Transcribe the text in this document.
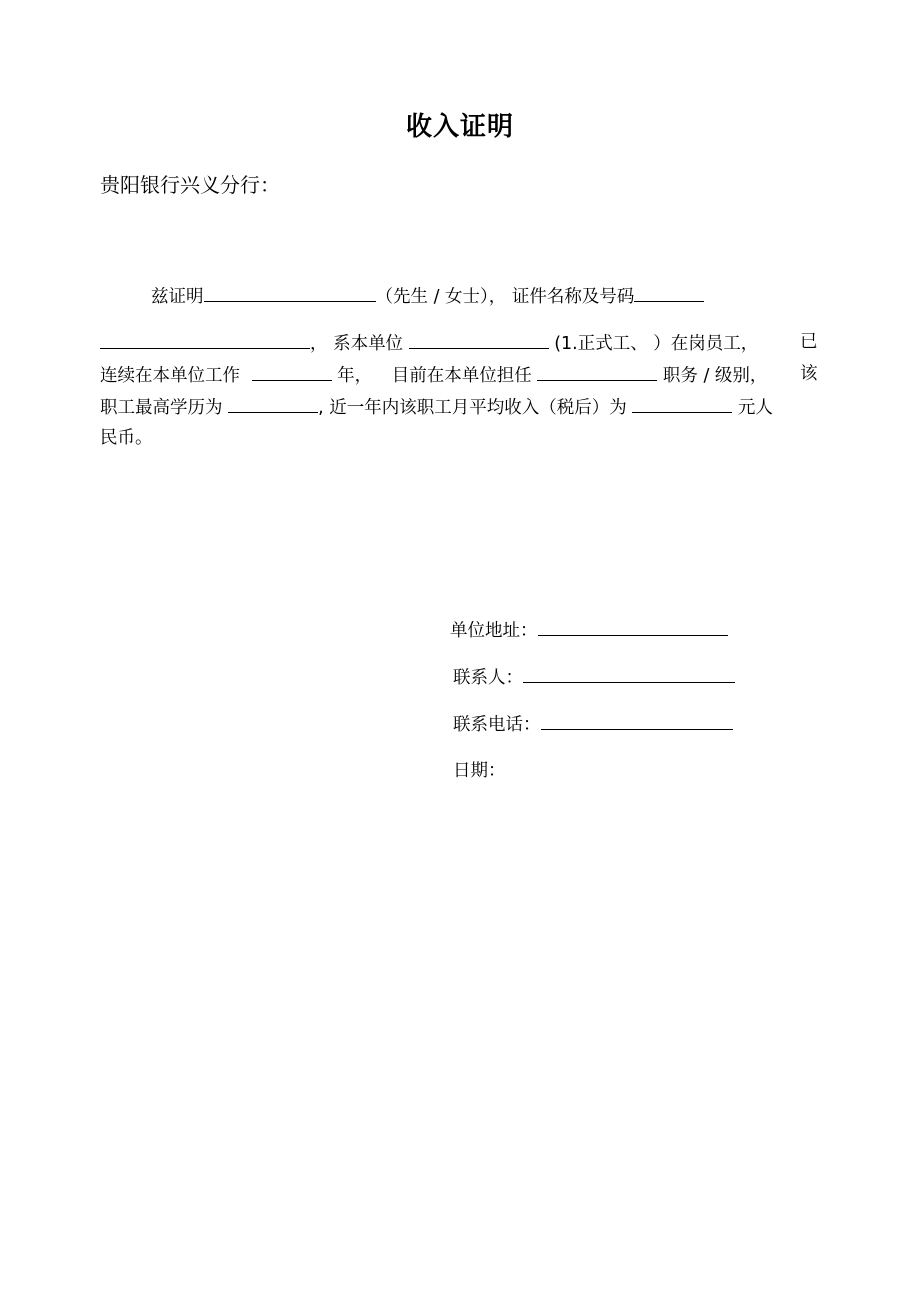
收入证明
贵阳银行兴义分行：
兹证明	（先生 / 女士）， 证件名称及号码
， 系本单位	(1.正式工、 ）在岗员工， 已
连续在本单位工作	年， 目前在本单位担任	职务 / 级别， 该
职工最高学历为	, 近一年内该职工月平均收入（税后）为	元人
民币。
单位地址：
联系人：
联系电话：
日期：
